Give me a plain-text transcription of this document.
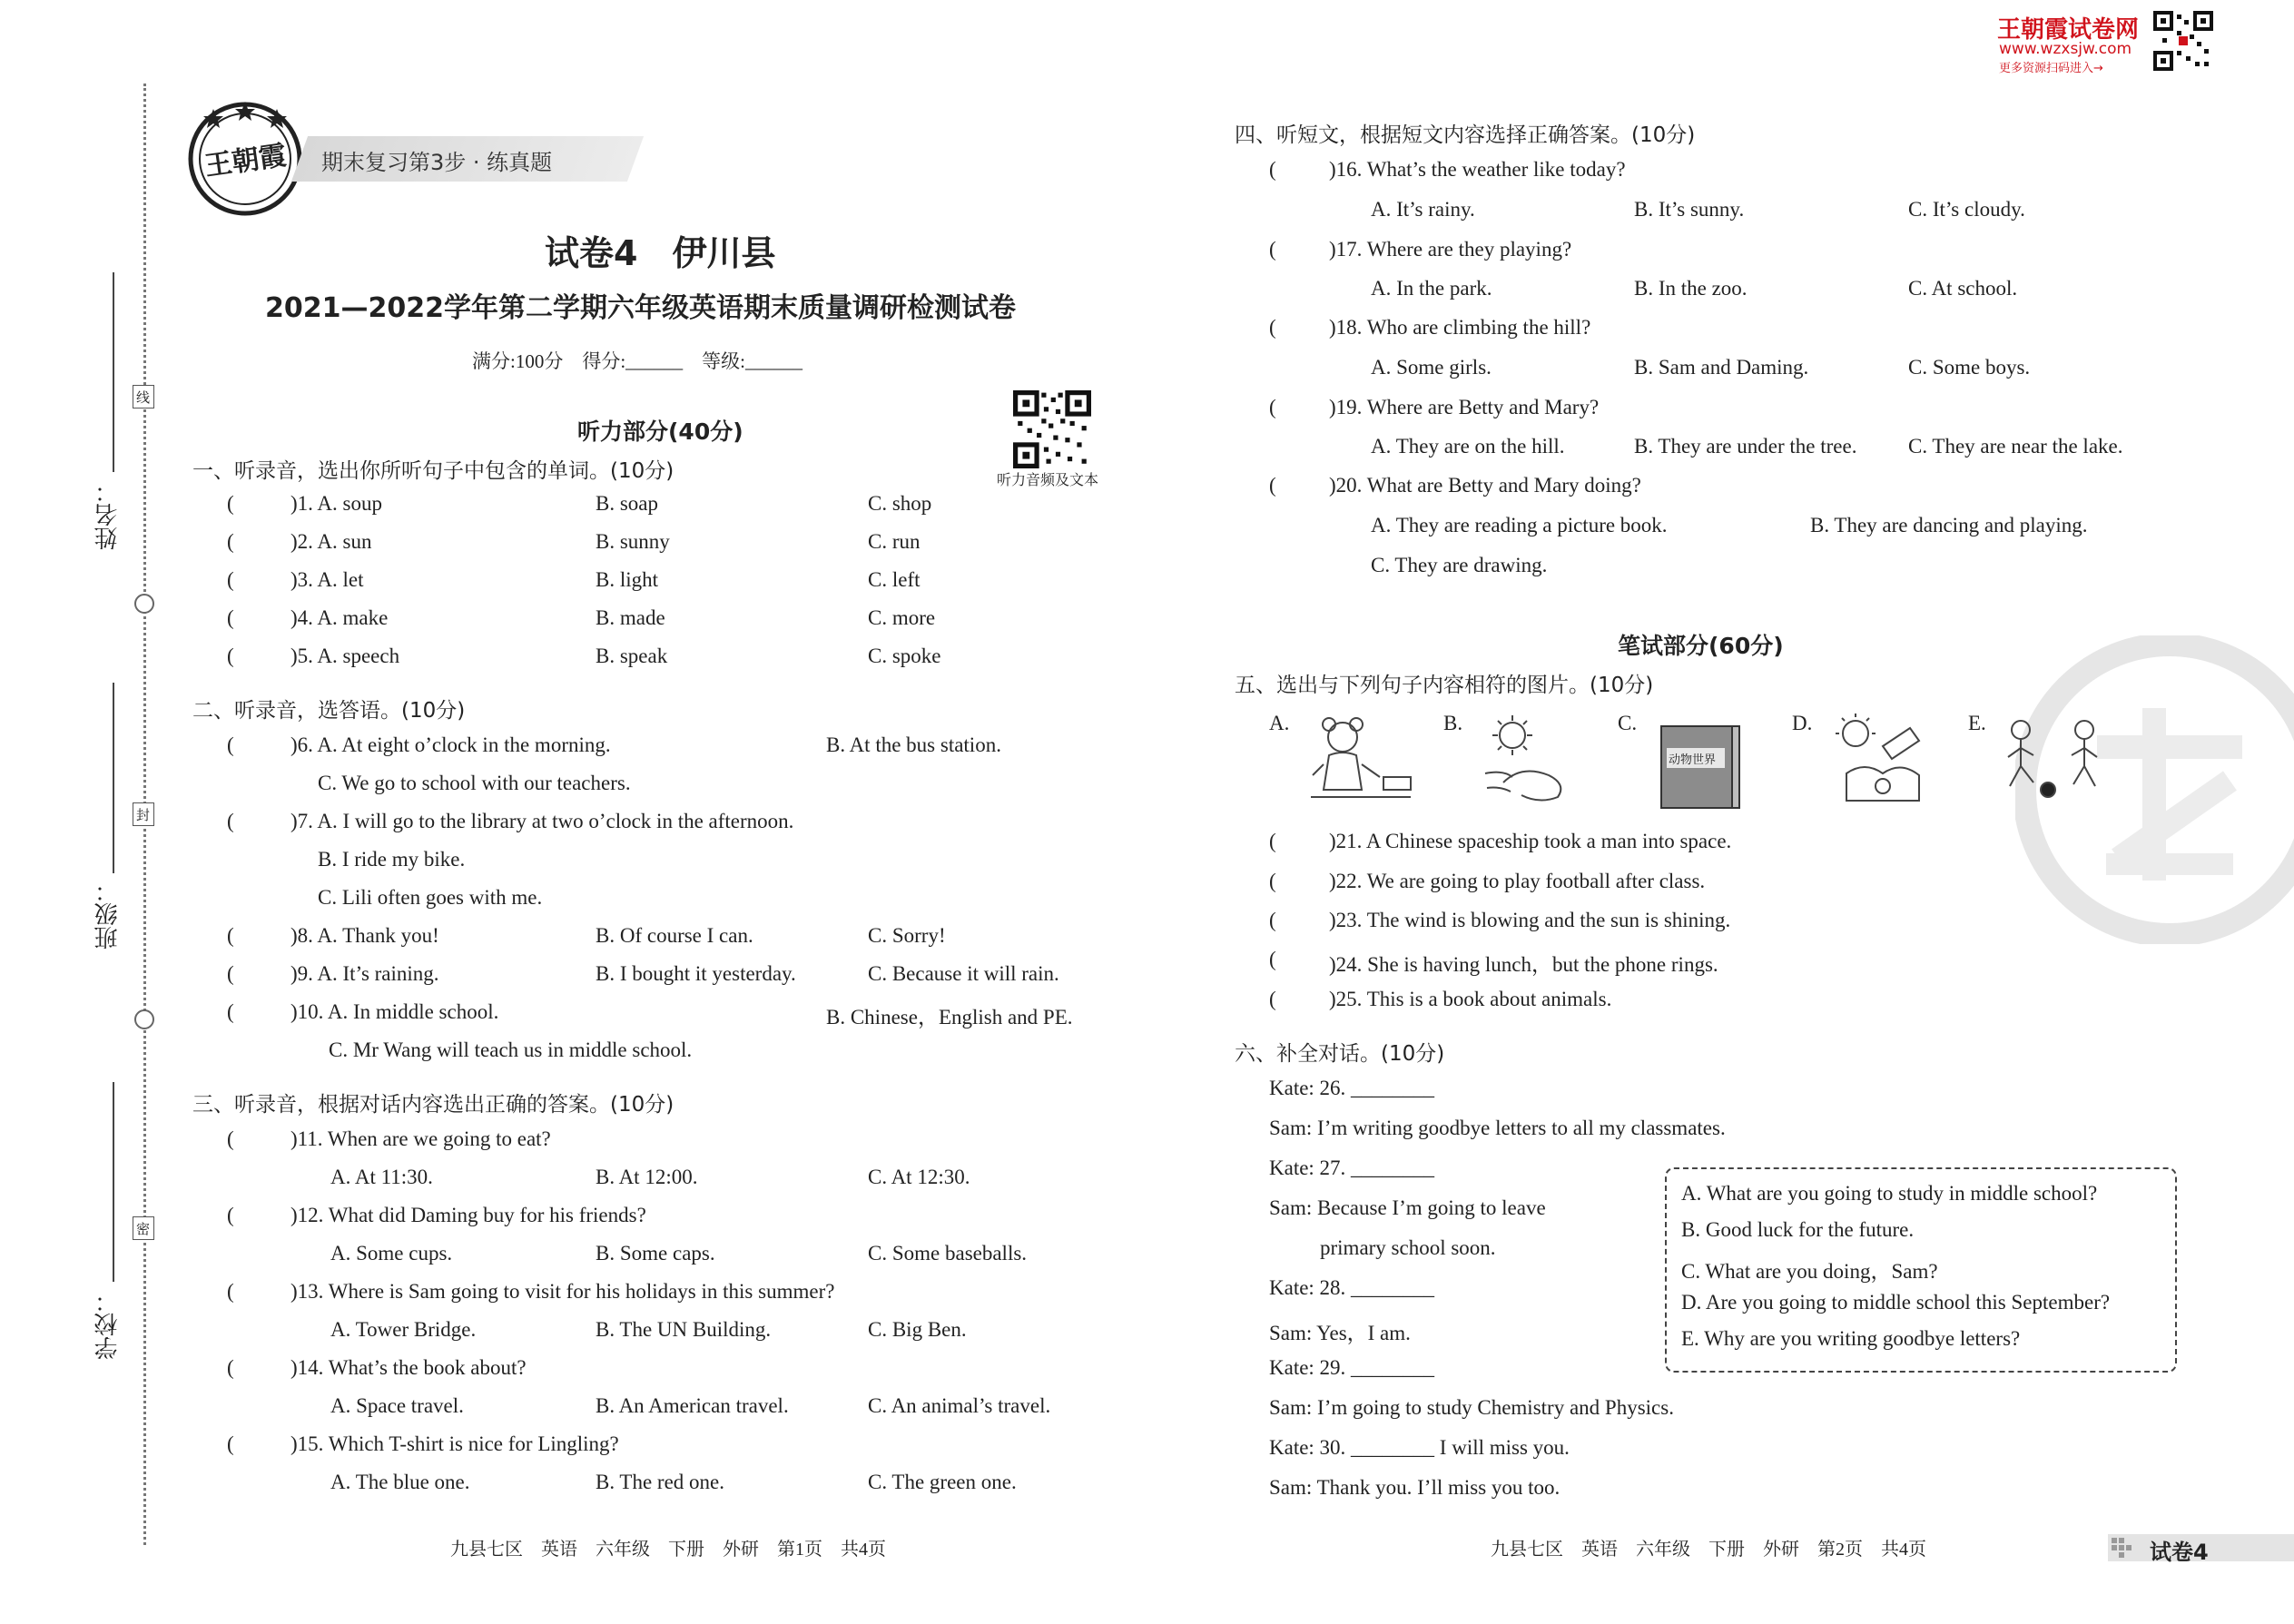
线
封
密
姓名：
班级：
学校：
王朝霞 期末复习第3步 · 练真题
王朝霞试卷网
www.wzxsjw.com
更多资源扫码进入→
试卷4　伊川县
2021—2022学年第二学期六年级英语期末质量调研检测试卷
满分:100分　得分:______　等级:______
听力音频及文本
听力部分(40分)
一、听录音，选出你所听句子中包含的单词。(10分)
(	)1. A. soup	B. soap	C. shop
(	)2. A. sun	B. sunny	C. run
(	)3. A. let	B. light	C. left
(	)4. A. make	B. made	C. more
(	)5. A. speech	B. speak	C. spoke
二、听录音，选答语。(10分)
(	)6. A. At eight o’clock in the morning.	B. At the bus station.
C. We go to school with our teachers.
(	)7. A. I will go to the library at two o’clock in the afternoon.
B. I ride my bike.
C. Lili often goes with me.
(	)8. A. Thank you!	B. Of course I can.	C. Sorry!
(	)9. A. It’s raining.	B. I bought it yesterday.	C. Because it will rain.
(	)10. A. In middle school.	B. Chinese，English and PE.
C. Mr Wang will teach us in middle school.
三、听录音，根据对话内容选出正确的答案。(10分)
(	)11. When are we going to eat?
A. At 11:30.	B. At 12:00.	C. At 12:30.
(	)12. What did Daming buy for his friends?
A. Some cups.	B. Some caps.	C. Some baseballs.
(	)13. Where is Sam going to visit for his holidays in this summer?
A. Tower Bridge.	B. The UN Building.	C. Big Ben.
(	)14. What’s the book about?
A. Space travel.	B. An American travel.	C. An animal’s travel.
(	)15. Which T-shirt is nice for Lingling?
A. The blue one.	B. The red one.	C. The green one.
九县七区　英语　六年级　下册　外研　第1页　共4页
四、听短文，根据短文内容选择正确答案。(10分)
(	)16. What’s the weather like today?
A. It’s rainy.	B. It’s sunny.	C. It’s cloudy.
(	)17. Where are they playing?
A. In the park.	B. In the zoo.	C. At school.
(	)18. Who are climbing the hill?
A. Some girls.	B. Sam and Daming.	C. Some boys.
(	)19. Where are Betty and Mary?
A. They are on the hill.	B. They are under the tree. C. They are near the lake.
(	)20. What are Betty and Mary doing?
A. They are reading a picture book.	B. They are dancing and playing.
C. They are drawing.
笔试部分(60分)
五、选出与下列句子内容相符的图片。(10分)
A.	B.	C.	D.	E.
动物世界
(	)21. A Chinese spaceship took a man into space.
(	)22. We are going to play football after class.
(	)23. The wind is blowing and the sun is shining.
(	)24. She is having lunch，but the phone rings.
(	)25. This is a book about animals.
六、补全对话。(10分)
Kate: 26. ________
Sam: I’m writing goodbye letters to all my classmates.
Kate: 27. ________
Sam: Because I’m going to leave
primary school soon.
Kate: 28. ________
Sam: Yes，I am.
Kate: 29. ________
Sam: I’m going to study Chemistry and Physics.
Kate: 30. ________ I will miss you.
Sam: Thank you. I’ll miss you too.
A. What are you going to study in middle school?
B. Good luck for the future.
C. What are you doing，Sam?
D. Are you going to middle school this September?
E. Why are you writing goodbye letters?
九县七区　英语　六年级　下册　外研　第2页　共4页	试卷4
